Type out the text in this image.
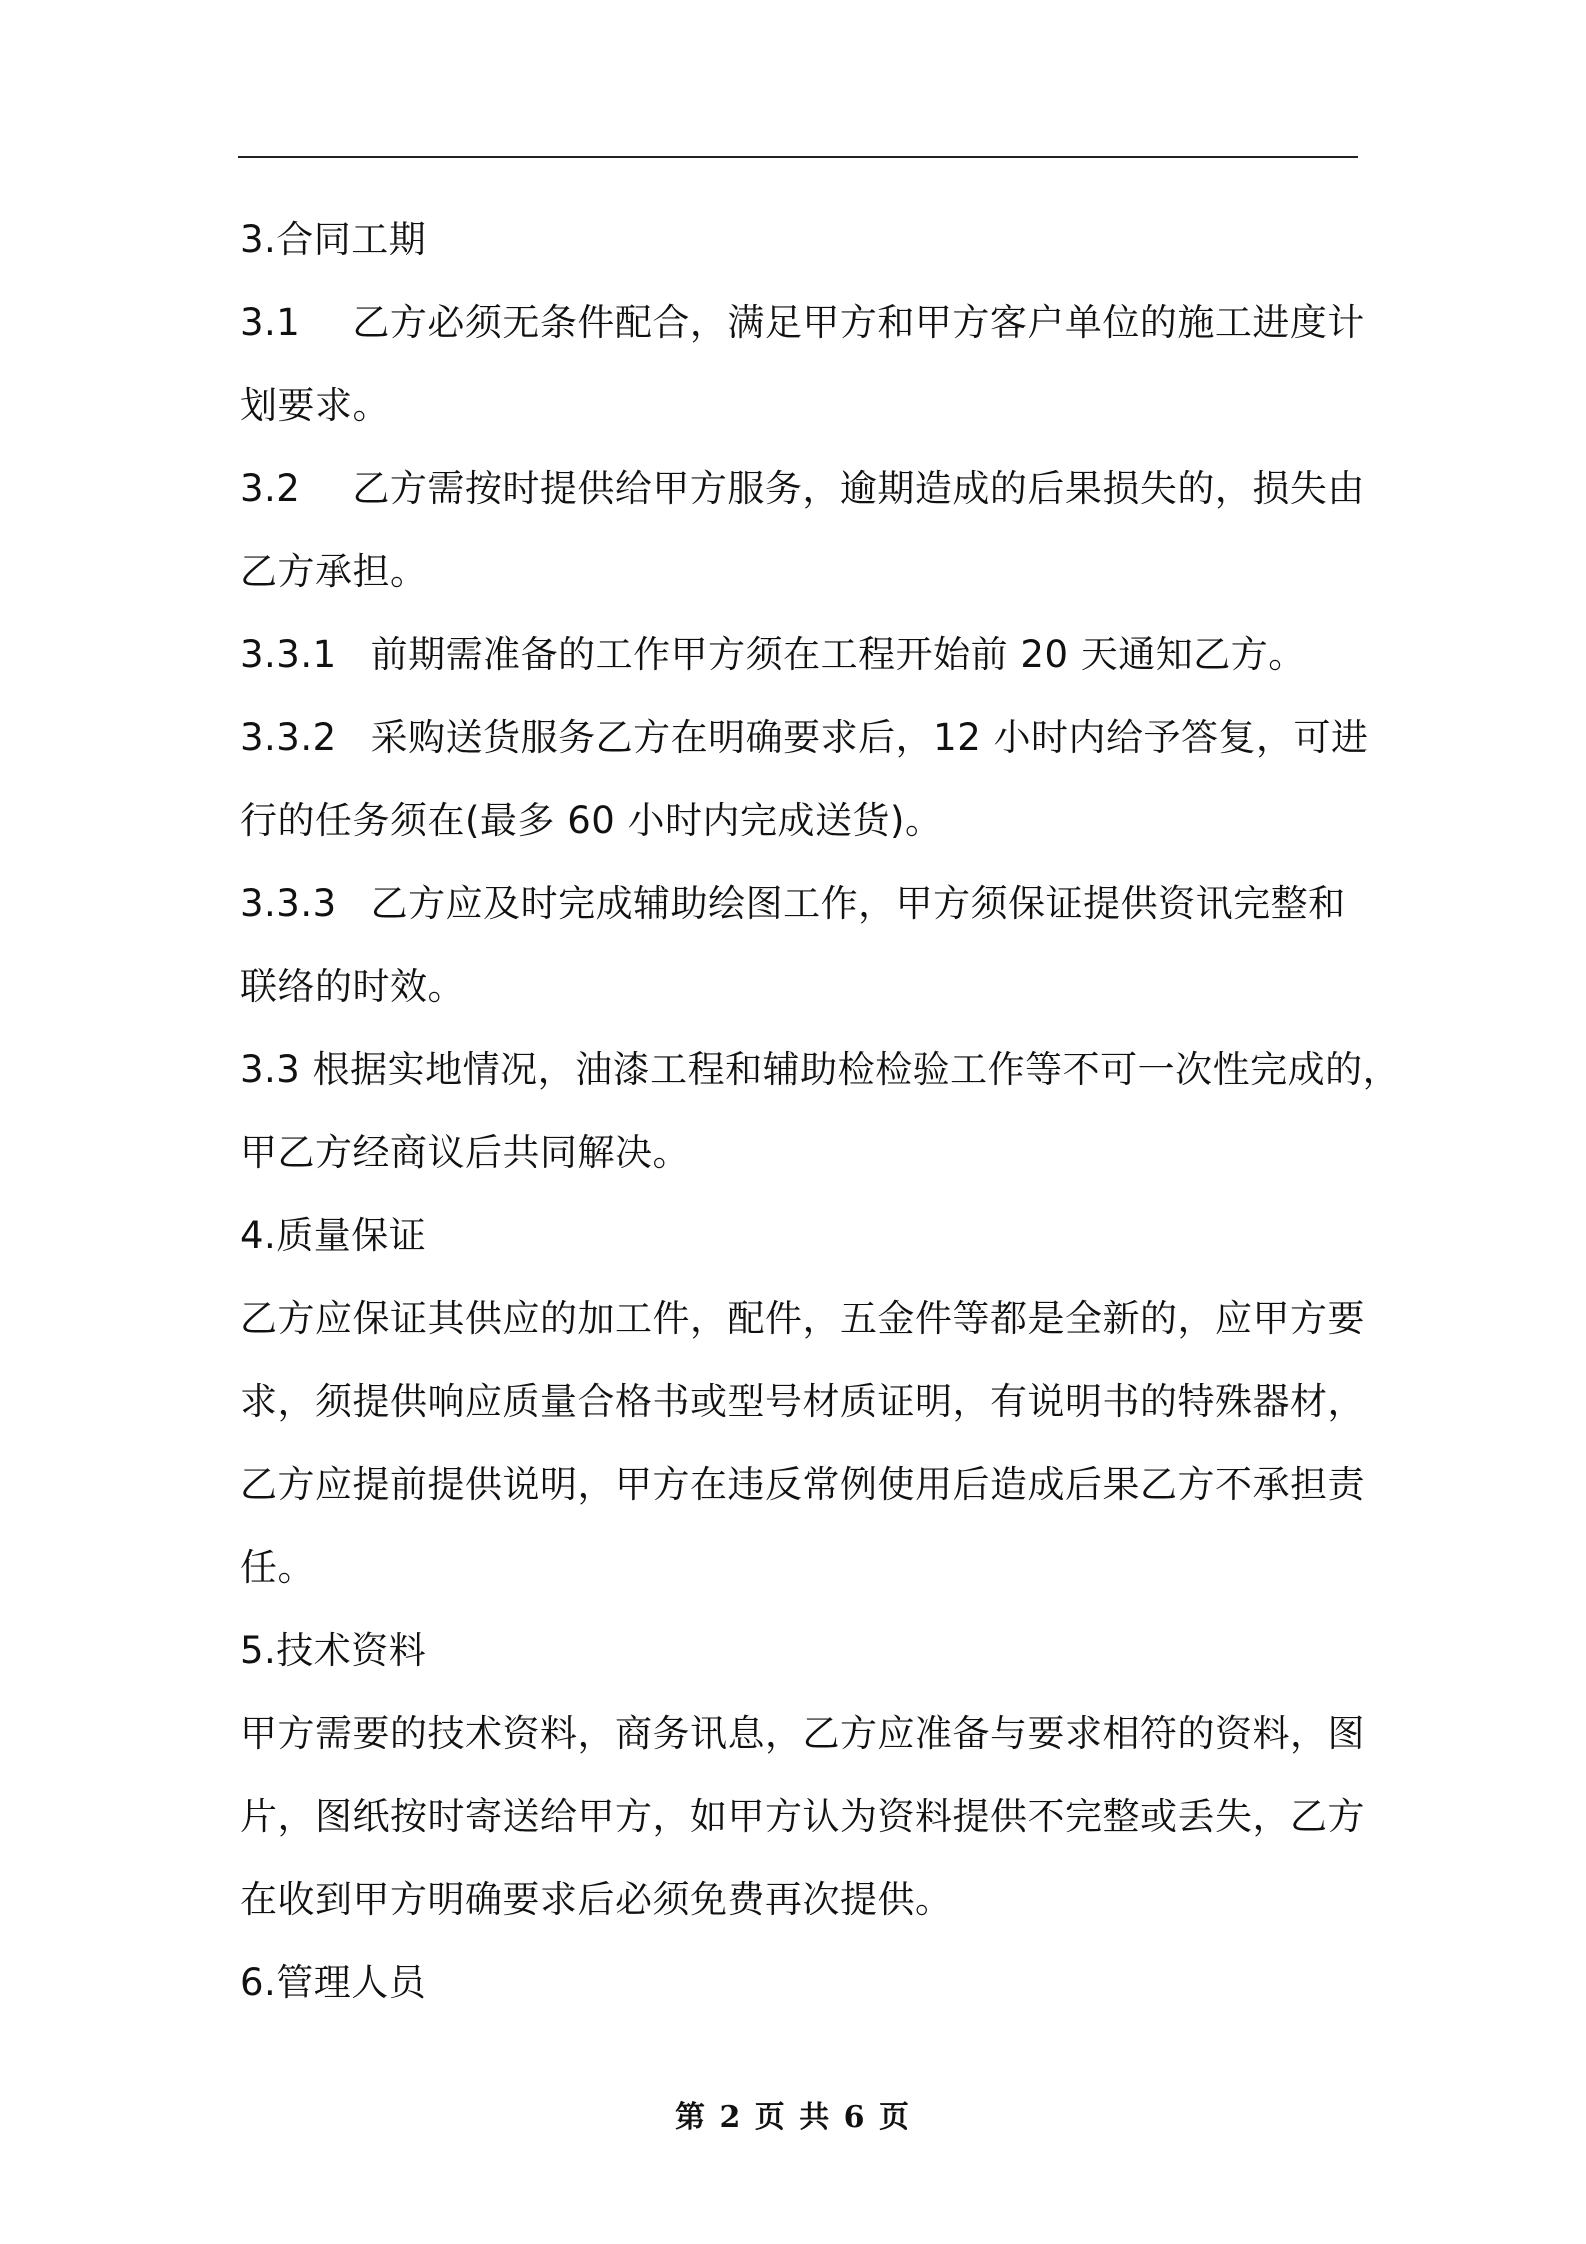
3.合同工期
3.1 乙方必须无条件配合，满足甲方和甲方客户单位的施工进度计
划要求。
3.2 乙方需按时提供给甲方服务，逾期造成的后果损失的，损失由
乙方承担。
3.3.1 前期需准备的工作甲方须在工程开始前 20 天通知乙方。
3.3.2 采购送货服务乙方在明确要求后，12 小时内给予答复，可进
行的任务须在(最多 60 小时内完成送货)。
3.3.3 乙方应及时完成辅助绘图工作，甲方须保证提供资讯完整和
联络的时效。
3.3 根据实地情况，油漆工程和辅助检检验工作等不可一次性完成的，
甲乙方经商议后共同解决。
4.质量保证
乙方应保证其供应的加工件，配件，五金件等都是全新的，应甲方要
求，须提供响应质量合格书或型号材质证明，有说明书的特殊器材，
乙方应提前提供说明，甲方在违反常例使用后造成后果乙方不承担责
任。
5.技术资料
甲方需要的技术资料，商务讯息，乙方应准备与要求相符的资料，图
片，图纸按时寄送给甲方，如甲方认为资料提供不完整或丢失，乙方
在收到甲方明确要求后必须免费再次提供。
6.管理人员
第 2 页 共 6 页
